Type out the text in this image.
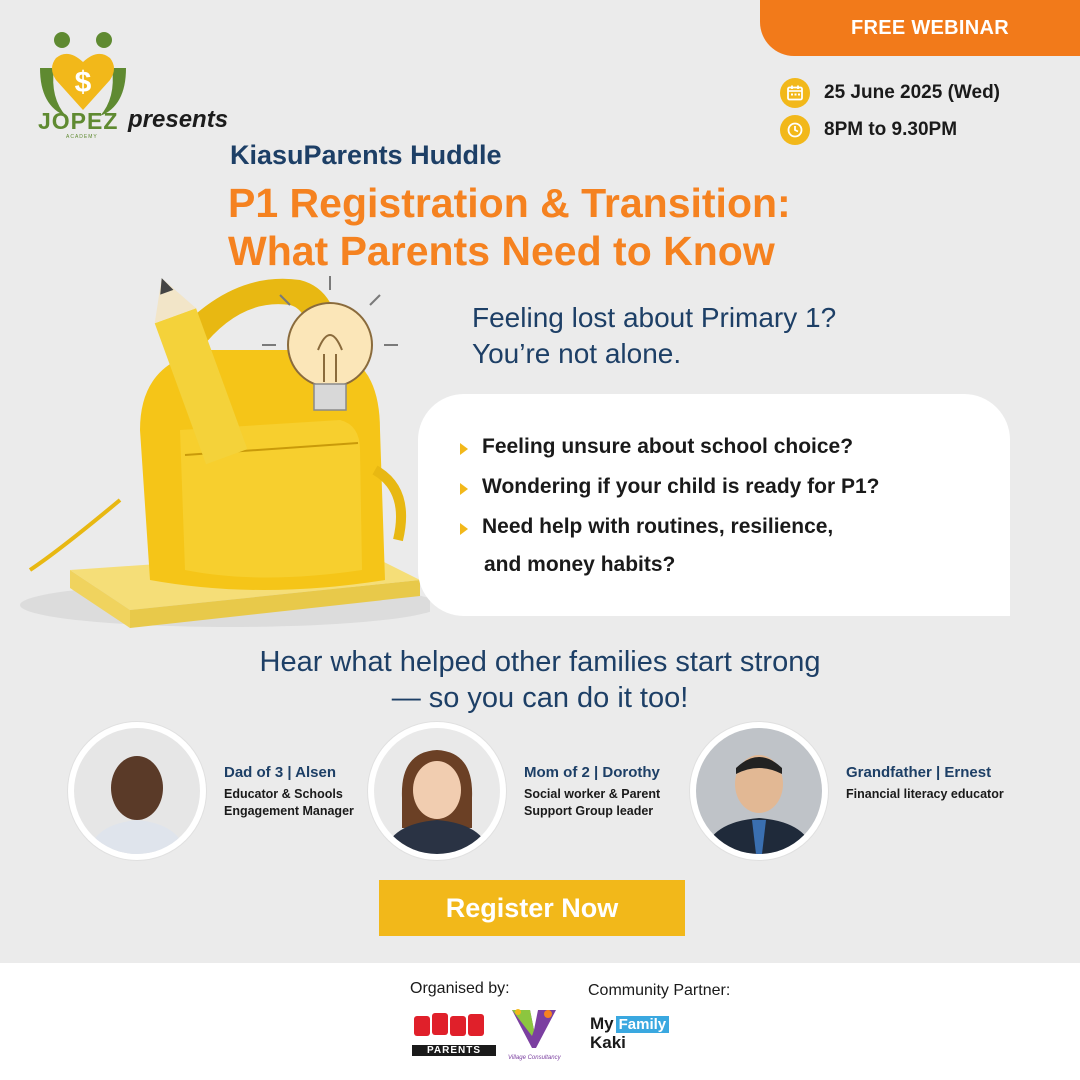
FREE WEBINAR
$
JOPEZ
ACADEMY
presents
25 June 2025 (Wed)
8PM to 9.30PM
KiasuParents Huddle
P1 Registration & Transition:
What Parents Need to Know
Feeling lost about Primary 1?
You’re not alone.
Feeling unsure about school choice?
Wondering if your child is ready for P1?
Need help with routines, resilience,
and money habits?
Hear what helped other families start strong
— so you can do it too!
Dad of 3 | Alsen
Educator & Schools
Engagement Manager
Mom of 2 | Dorothy
Social worker & Parent
Support Group leader
Grandfather | Ernest
Financial literacy educator
Register Now
Organised by:	Community Partner:
PARENTS
Village Consultancy
My Family
Kaki
